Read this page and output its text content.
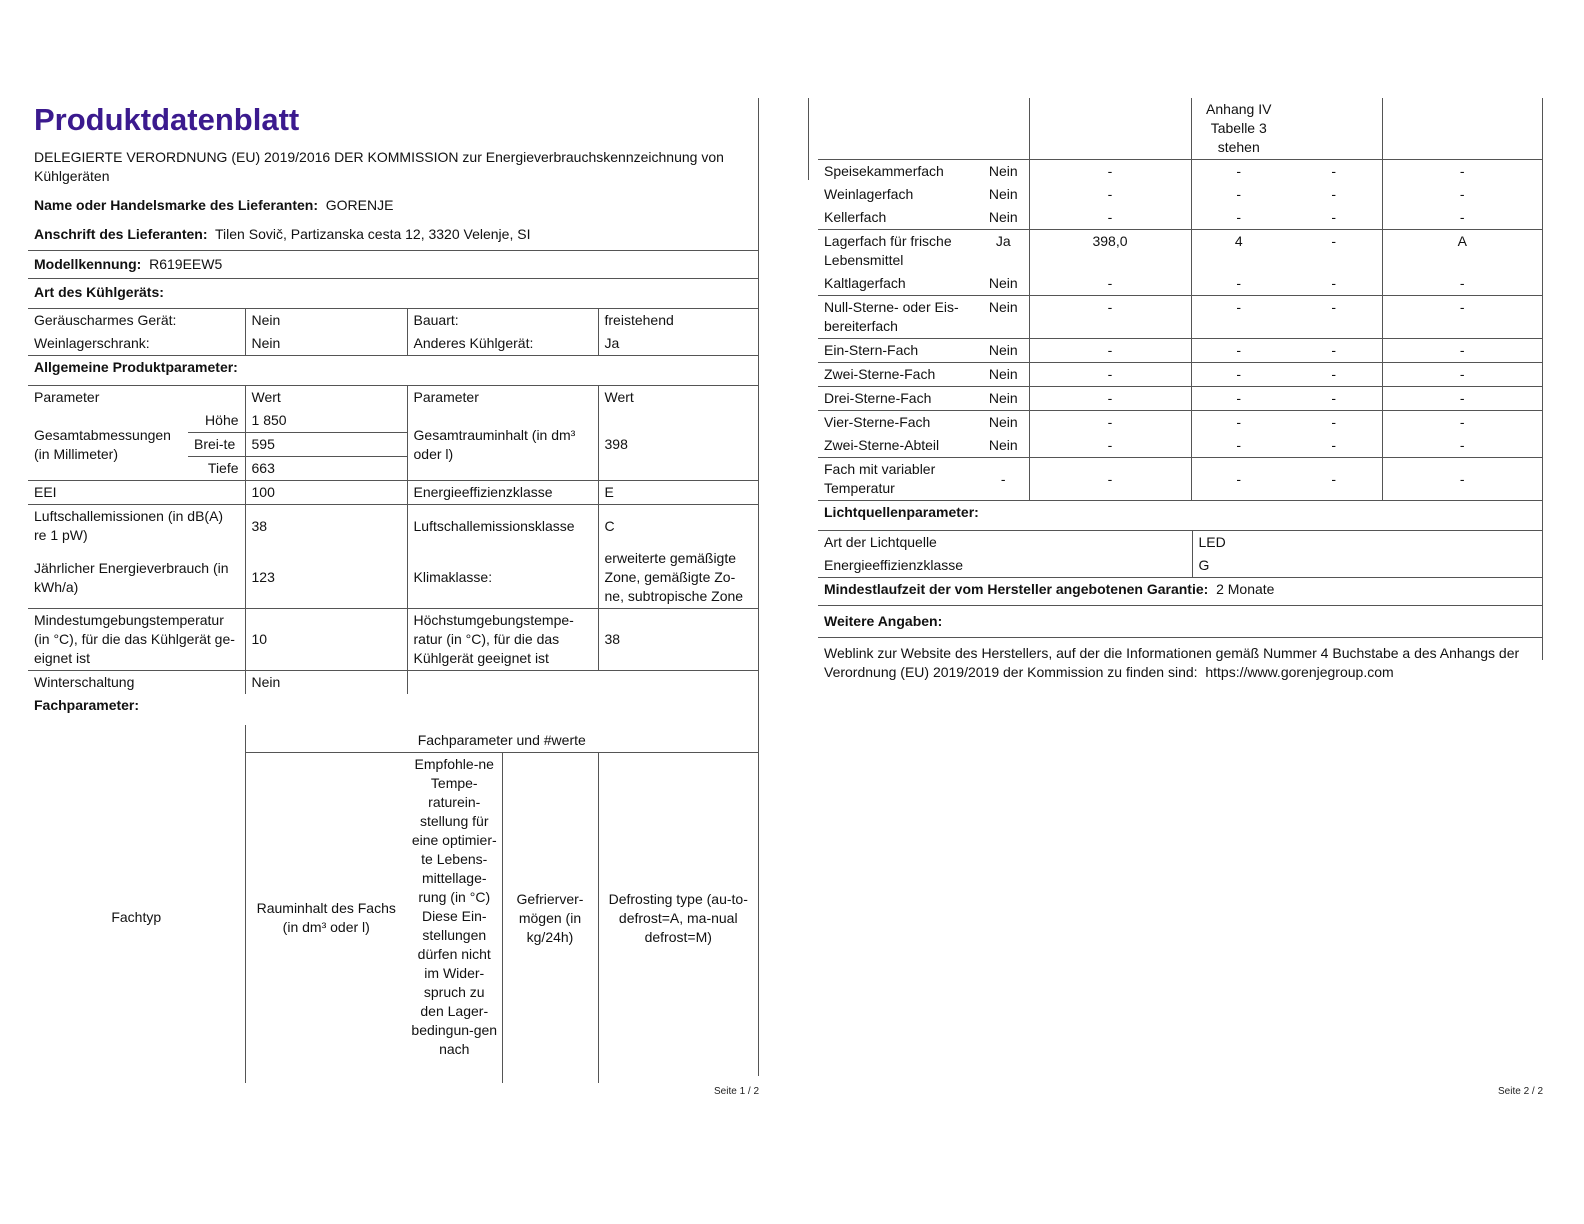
Produktdatenblatt
DELEGIERTE VERORDNUNG (EU) 2019/2016 DER KOMMISSION zur Energieverbrauchskennzeichnung von Kühlgeräten
Name oder Handelsmarke des Lieferanten: GORENJE
Anschrift des Lieferanten: Tilen Sovič, Partizanska cesta 12, 3320 Velenje, SI
Modellkennung: R619EEW5
Art des Kühlgeräts:
Geräuscharmes Gerät:	Nein	Bauart:	freistehend
Weinlagerschrank:	Nein	Anderes Kühlgerät:	Ja
Allgemeine Produktparameter:
Parameter		Wert	Parameter	Wert
Gesamtabmessungen (in Millimeter)	Höhe	1 850	Gesamtrauminhalt (in dm³ oder l)	398
	Brei-te	595		
	Tiefe	663		
EEI		100	Energieeffizienzklasse	E
Luftschallemissionen (in dB(A) re 1 pW)		38	Luftschallemissionsklasse	C
Jährlicher Energieverbrauch (in kWh/a)		123	Klimaklasse:	erweiterte gemäßigte Zone, gemäßigte Zo-ne, subtropische Zone
Mindestumgebungstemperatur (in °C), für die das Kühlgerät ge-eignet ist		10	Höchstumgebungstempe-ratur (in °C), für die das Kühlgerät geeignet ist	38
Winterschaltung		Nein		
Fachparameter:
	Fachparameter und #werte			
Fachtyp	Rauminhalt des Fachs (in dm³ oder l)	Empfohle-ne Tempe-raturein-stellung für eine optimier-te Lebens-mittellage-rung (in °C) Diese Ein-stellungen dürfen nicht im Wider-spruch zu den Lager-bedingun-gen nach	Gefrierver-mögen (in kg/24h)	Defrosting type (au-to-defrost=A, ma-nual defrost=M)
Seite 1 / 2
			Anhang IV Tabelle 3 stehen		
Speisekammerfach	Nein	-	-	-	-
Weinlagerfach	Nein	-	-	-	-
Kellerfach	Nein	-	-	-	-
Lagerfach für frische Lebensmittel	Ja	398,0	4	-	A
Kaltlagerfach	Nein	-	-	-	-
Null-Sterne- oder Eis-bereiterfach	Nein	-	-	-	-
Ein-Stern-Fach	Nein	-	-	-	-
Zwei-Sterne-Fach	Nein	-	-	-	-
Drei-Sterne-Fach	Nein	-	-	-	-
Vier-Sterne-Fach	Nein	-	-	-	-
Zwei-Sterne-Abteil	Nein	-	-	-	-
Fach mit variabler Temperatur	-	-	-	-	-
Lichtquellenparameter:
Art der Lichtquelle	LED
Energieeffizienzklasse	G
Mindestlaufzeit der vom Hersteller angebotenen Garantie: 2 Monate
Weitere Angaben:
Weblink zur Website des Herstellers, auf der die Informationen gemäß Nummer 4 Buchstabe a des Anhangs der Verordnung (EU) 2019/2019 der Kommission zu finden sind: https://www.gorenjegroup.com
Seite 2 / 2
